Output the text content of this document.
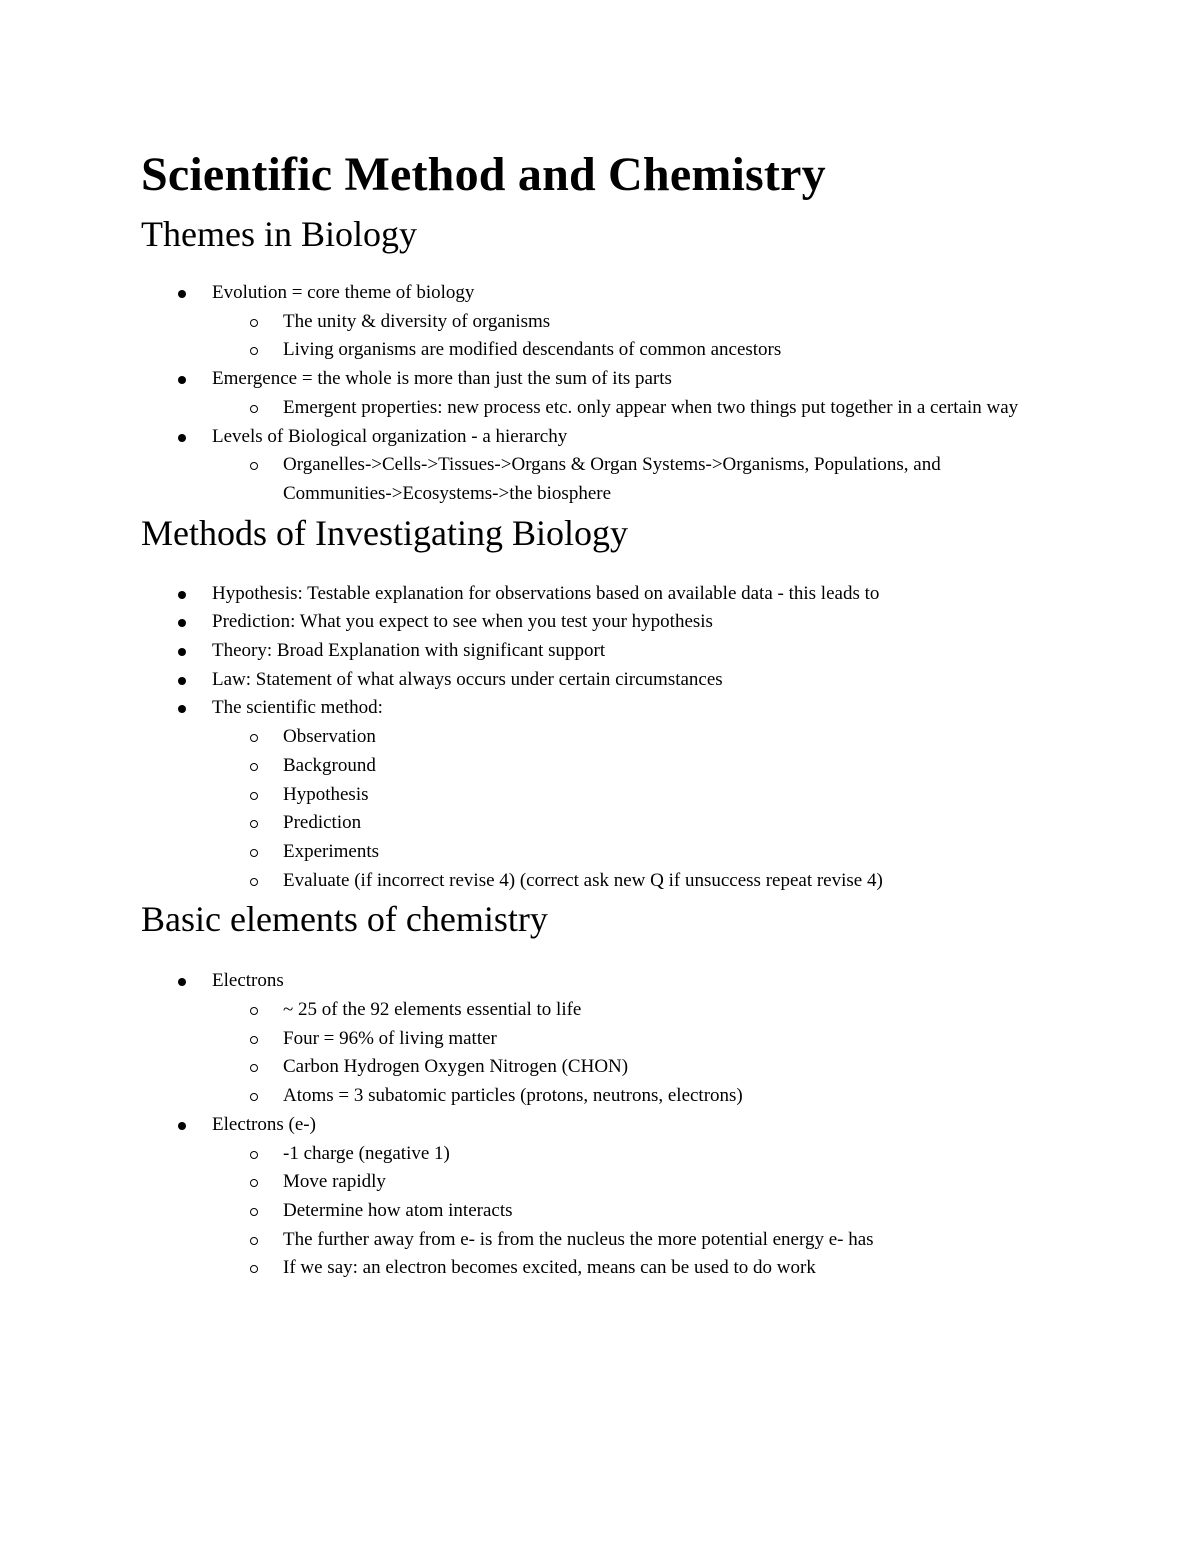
Scientific Method and Chemistry
Themes in Biology
Evolution = core theme of biology
The unity & diversity of organisms
Living organisms are modified descendants of common ancestors
Emergence = the whole is more than just the sum of its parts
Emergent properties: new process etc. only appear when two things put together in a certain way
Levels of Biological organization - a hierarchy
Organelles->Cells->Tissues->Organs & Organ Systems->Organisms, Populations, and Communities->Ecosystems->the biosphere
Methods of Investigating Biology
Hypothesis: Testable explanation for observations based on available data - this leads to
Prediction: What you expect to see when you test your hypothesis
Theory: Broad Explanation with significant support
Law: Statement of what always occurs under certain circumstances
The scientific method:
Observation
Background
Hypothesis
Prediction
Experiments
Evaluate (if incorrect revise 4) (correct ask new Q if unsuccess repeat revise 4)
Basic elements of chemistry
Electrons
~ 25 of the 92 elements essential to life
Four = 96% of living matter
Carbon Hydrogen Oxygen Nitrogen (CHON)
Atoms = 3 subatomic particles (protons, neutrons, electrons)
Electrons (e-)
-1 charge (negative 1)
Move rapidly
Determine how atom interacts
The further away from e- is from the nucleus the more potential energy e- has
If we say: an electron becomes excited, means can be used to do work
